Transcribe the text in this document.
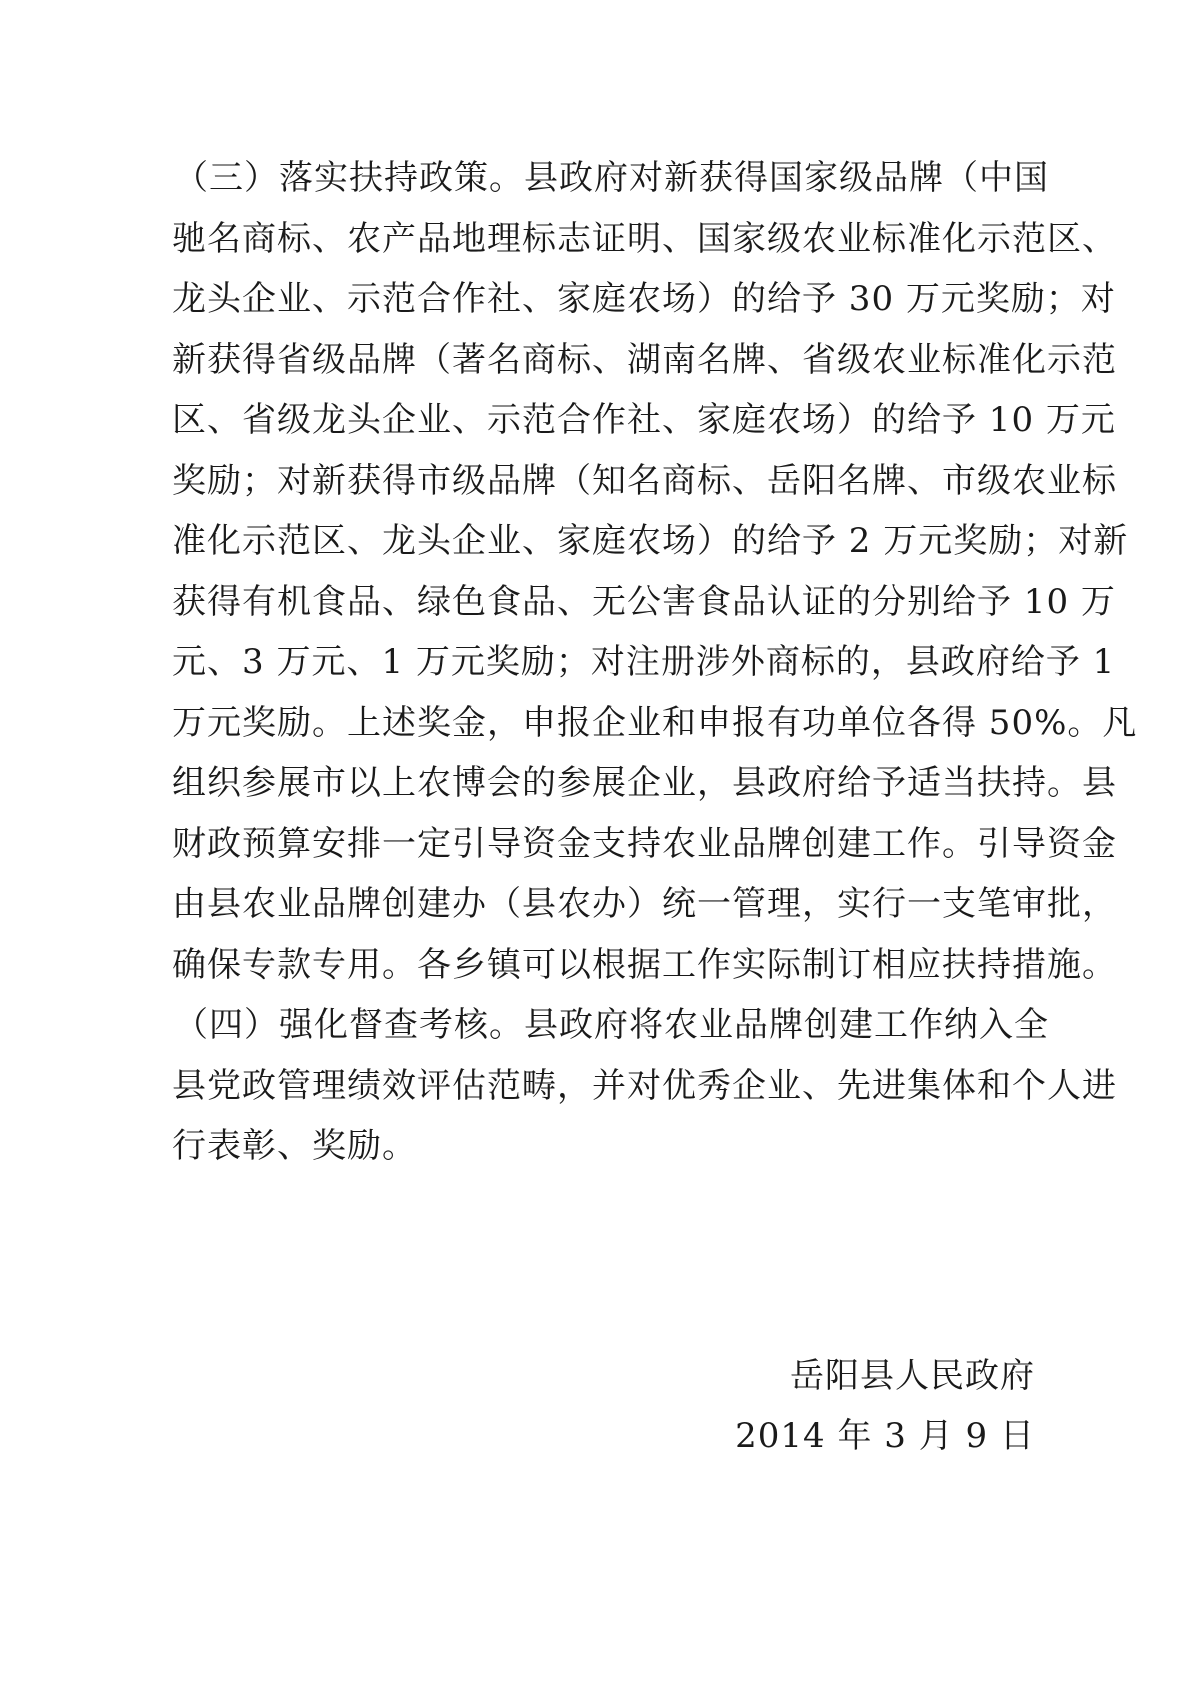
（三）落实扶持政策。县政府对新获得国家级品牌（中国
驰名商标、农产品地理标志证明、国家级农业标准化示范区、
龙头企业、示范合作社、家庭农场）的给予 30 万元奖励；对
新获得省级品牌（著名商标、湖南名牌、省级农业标准化示范
区、省级龙头企业、示范合作社、家庭农场）的给予 10 万元
奖励；对新获得市级品牌（知名商标、岳阳名牌、市级农业标
准化示范区、龙头企业、家庭农场）的给予 2 万元奖励；对新
获得有机食品、绿色食品、无公害食品认证的分别给予 10 万
元、3 万元、1 万元奖励；对注册涉外商标的，县政府给予 1
万元奖励。上述奖金，申报企业和申报有功单位各得 50%。凡
组织参展市以上农博会的参展企业，县政府给予适当扶持。县
财政预算安排一定引导资金支持农业品牌创建工作。引导资金
由县农业品牌创建办（县农办）统一管理，实行一支笔审批，
确保专款专用。各乡镇可以根据工作实际制订相应扶持措施。
（四）强化督查考核。县政府将农业品牌创建工作纳入全
县党政管理绩效评估范畴，并对优秀企业、先进集体和个人进
行表彰、奖励。
岳阳县人民政府
2014 年 3 月 9 日
